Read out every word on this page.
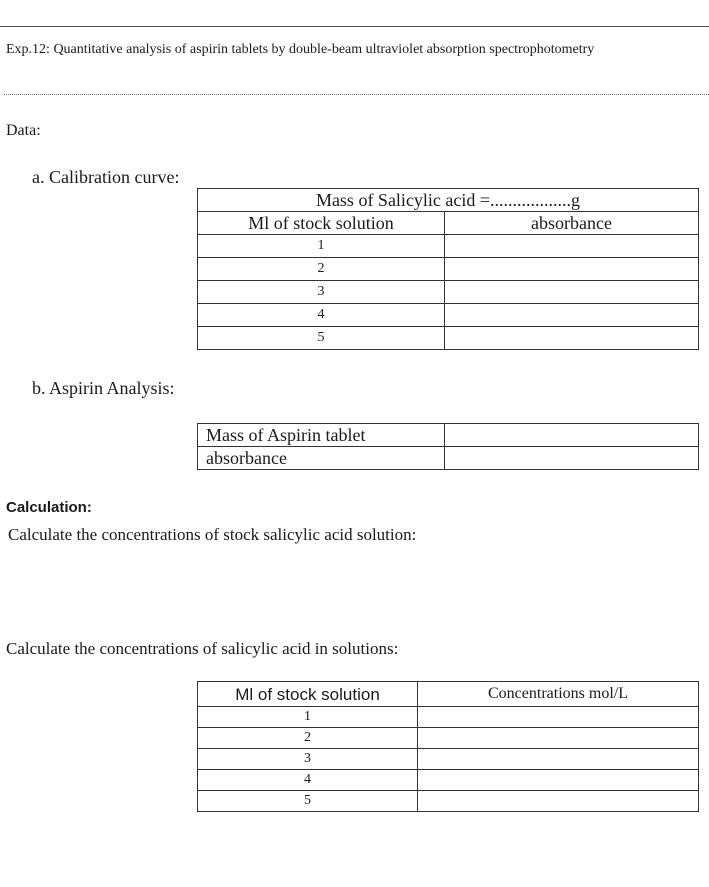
Exp.12: Quantitative analysis of aspirin tablets by double-beam ultraviolet absorption spectrophotometry
Data:
a. Calibration curve:
Mass of Salicylic acid =..................g	
Ml of stock solution	absorbance
1	
2	
3	
4	
5	
b. Aspirin Analysis:
Mass of Aspirin tablet	
absorbance	
Calculation:
Calculate the concentrations of stock salicylic acid solution:
Calculate the concentrations of salicylic acid in solutions:
Ml of stock solution	Concentrations mol/L
1	
2	
3	
4	
5	
